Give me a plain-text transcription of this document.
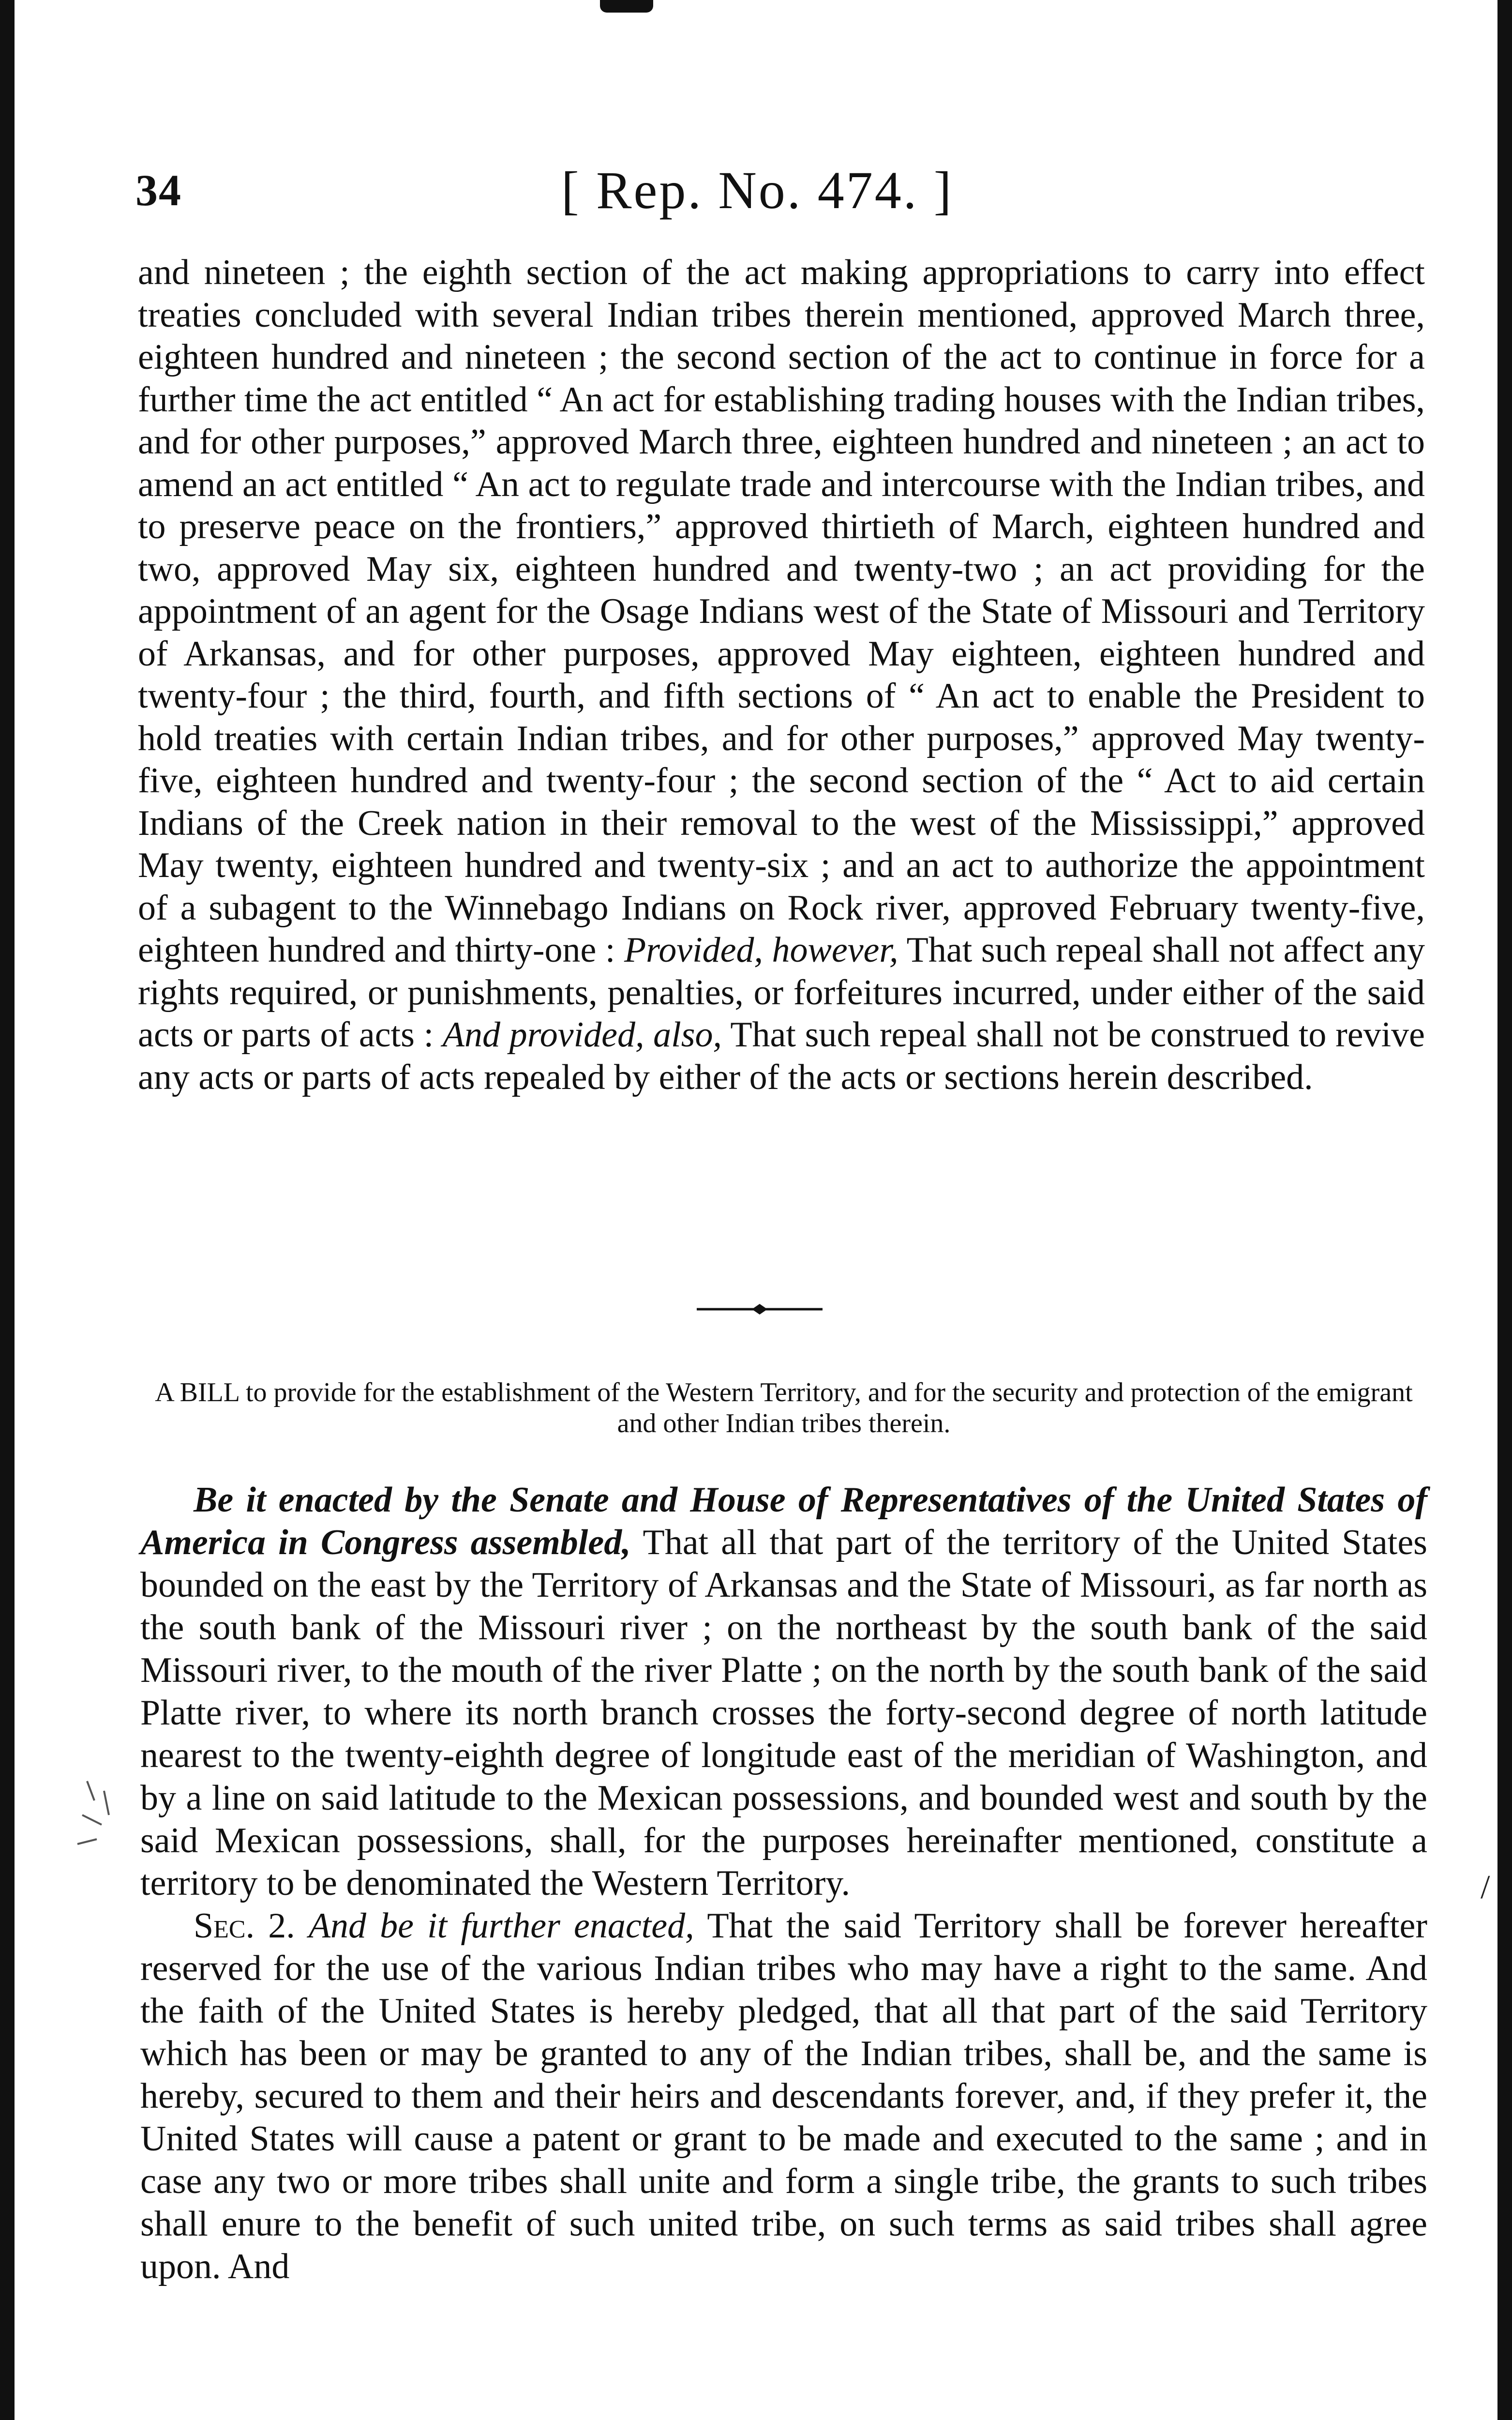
34	[ Rep. No. 474. ]
and nineteen ; the eighth section of the act making appropriations to carry into effect treaties concluded with several Indian tribes therein mentioned, approved March three, eighteen hundred and nineteen ; the second section of the act to continue in force for a further time the act entitled “ An act for establishing trading houses with the Indian tribes, and for other purposes,” approved March three, eighteen hundred and nineteen ; an act to amend an act entitled “ An act to regulate trade and intercourse with the Indian tribes, and to preserve peace on the frontiers,” approved thirtieth of March, eighteen hundred and two, approved May six, eighteen hundred and twenty-two ; an act providing for the appointment of an agent for the Osage Indians west of the State of Missouri and Territory of Arkansas, and for other purposes, approved May eighteen, eighteen hundred and twenty-four ; the third, fourth, and fifth sections of “ An act to enable the President to hold treaties with certain Indian tribes, and for other purposes,” approved May twenty-five, eighteen hundred and twenty-four ; the second section of the “ Act to aid certain Indians of the Creek nation in their removal to the west of the Mississippi,” approved May twenty, eighteen hundred and twenty-six ; and an act to authorize the appointment of a subagent to the Winnebago Indians on Rock river, approved February twenty-five, eighteen hundred and thirty-one : Provided, however, That such repeal shall not affect any rights required, or punishments, penalties, or forfeitures incurred, under either of the said acts or parts of acts : And provided, also, That such repeal shall not be construed to revive any acts or parts of acts repealed by either of the acts or sections herein described.
A BILL to provide for the establishment of the Western Territory, and for the security and protection of the emigrant and other Indian tribes therein.

Be it enacted by the Senate and House of Representatives of the United States of America in Congress assembled, That all that part of the territory of the United States bounded on the east by the Territory of Arkansas and the State of Missouri, as far north as the south bank of the Missouri river ; on the northeast by the south bank of the said Missouri river, to the mouth of the river Platte ; on the north by the south bank of the said Platte river, to where its north branch crosses the forty-second degree of north latitude nearest to the twenty-eighth degree of longitude east of the meridian of Washington, and by a line on said latitude to the Mexican possessions, and bounded west and south by the said Mexican possessions, shall, for the purposes hereinafter mentioned, constitute a territory to be denominated the Western Territory.

Sec. 2. And be it further enacted, That the said Territory shall be forever hereafter reserved for the use of the various Indian tribes who may have a right to the same. And the faith of the United States is hereby pledged, that all that part of the said Territory which has been or may be granted to any of the Indian tribes, shall be, and the same is hereby, secured to them and their heirs and descendants forever, and, if they prefer it, the United States will cause a patent or grant to be made and executed to the same ; and in case any two or more tribes shall unite and form a single tribe, the grants to such tribes shall enure to the benefit of such united tribe, on such terms as said tribes shall agree upon. And

/
